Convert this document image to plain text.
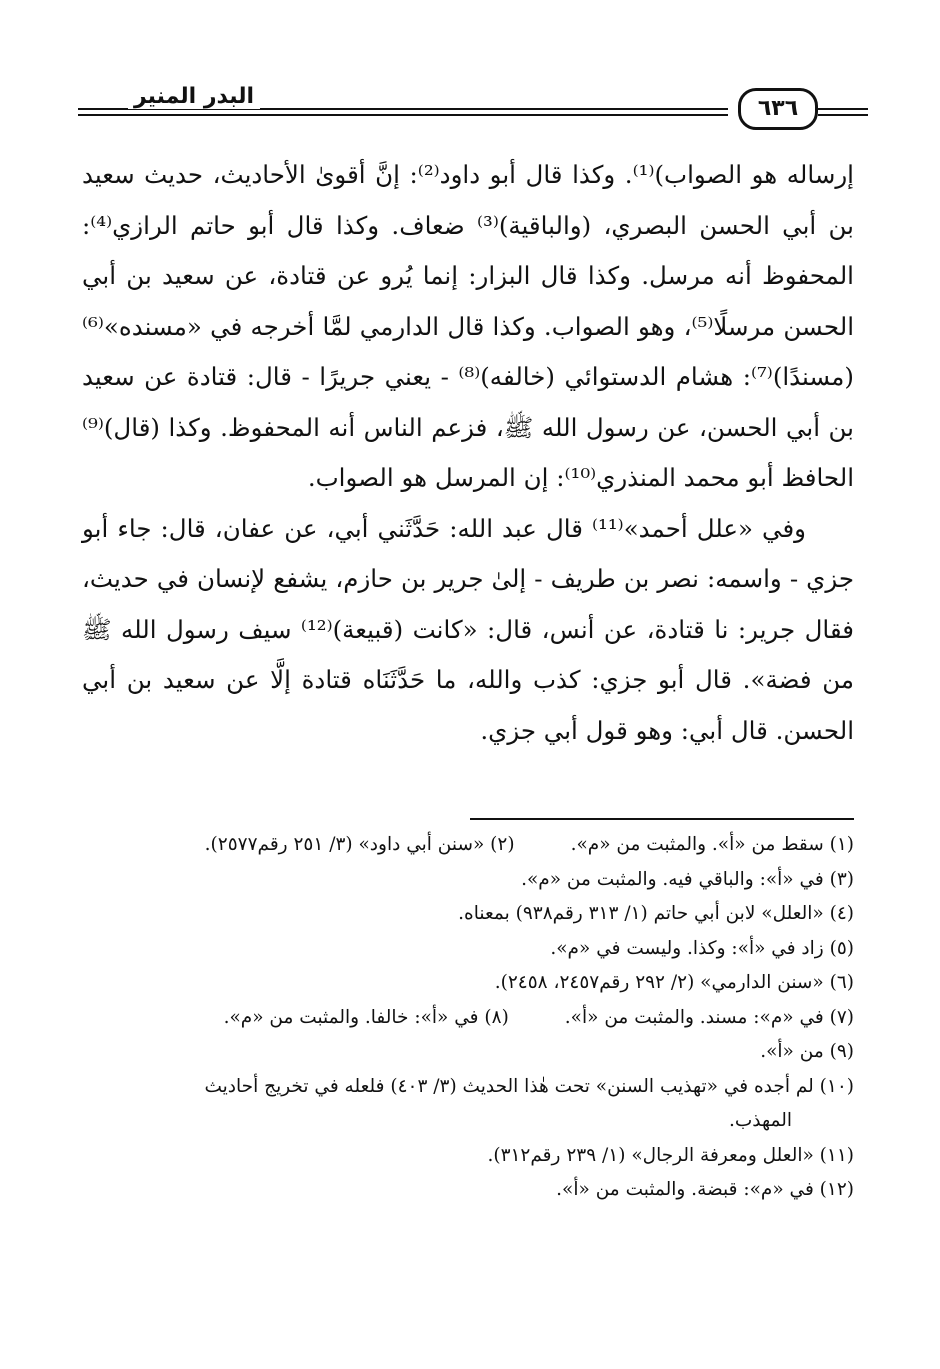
البدر المنير	٦٣٦

إرساله هو الصواب)⁽¹⁾. وكذا قال أبو داود⁽²⁾: إنَّ أقوىٰ الأحاديث، حديث سعيد بن أبي الحسن البصري، (والباقية)⁽³⁾ ضعاف. وكذا قال أبو حاتم الرازي⁽⁴⁾: المحفوظ أنه مرسل. وكذا قال البزار: إنما يُرو عن قتادة، عن سعيد بن أبي الحسن مرسلًا⁽⁵⁾، وهو الصواب. وكذا قال الدارمي لمَّا أخرجه في «مسنده»⁽⁶⁾ (مسندًا)⁽⁷⁾: هشام الدستوائي (خالفه)⁽⁸⁾ - يعني جريرًا - قال: قتادة عن سعيد بن أبي الحسن، عن رسول الله ﷺ، فزعم الناس أنه المحفوظ. وكذا (قال)⁽⁹⁾ الحافظ أبو محمد المنذري⁽¹⁰⁾: إن المرسل هو الصواب.

وفي «علل أحمد»⁽¹¹⁾ قال عبد الله: حَدَّثَني أبي، عن عفان، قال: جاء أبو جزي - واسمه: نصر بن طريف - إلىٰ جرير بن حازم، يشفع لإنسان في حديث، فقال جرير: نا قتادة، عن أنس، قال: «كانت (قبيعة)⁽¹²⁾ سيف رسول الله ﷺ من فضة». قال أبو جزي: كذب والله، ما حَدَّثَنَاه قتادة إلَّا عن سعيد بن أبي الحسن. قال أبي: وهو قول أبي جزي.

(١) سقط من «أ». والمثبت من «م».
(٢) «سنن أبي داود» (٣/ ٢٥١ رقم٢٥٧٧).
(٣) في «أ»: والباقي فيه. والمثبت من «م».
(٤) «العلل» لابن أبي حاتم (١/ ٣١٣ رقم٩٣٨) بمعناه.
(٥) زاد في «أ»: وكذا. وليست في «م».
(٦) «سنن الدارمي» (٢/ ٢٩٢ رقم٢٤٥٧، ٢٤٥٨).
(٧) في «م»: مسند. والمثبت من «أ».
(٨) في «أ»: خالفا. والمثبت من «م».
(٩) من «أ».
(١٠) لم أجده في «تهذيب السنن» تحت هٰذا الحديث (٣/ ٤٠٣) فلعله في تخريج أحاديث
المهذب.
(١١) «العلل ومعرفة الرجال» (١/ ٢٣٩ رقم٣١٢).
(١٢) في «م»: قبضة. والمثبت من «أ».
